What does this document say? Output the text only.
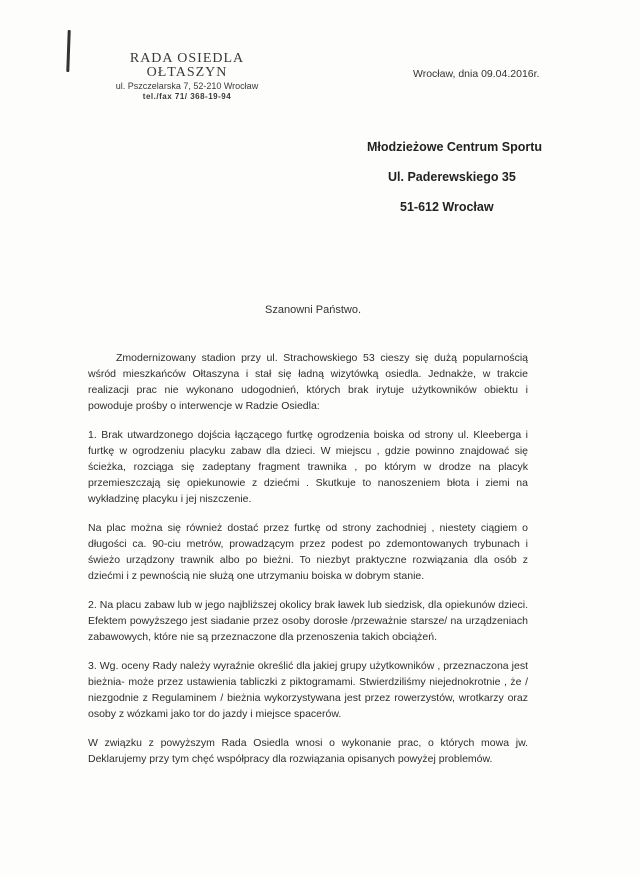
RADA OSIEDLA
OŁTASZYN
ul. Pszczelarska 7, 52-210 Wrocław
tel./fax 71/ 368-19-94
Wrocław, dnia 09.04.2016r.
Młodzieżowe Centrum Sportu
Ul. Paderewskiego 35
51-612 Wrocław
Szanowni Państwo.

Zmodernizowany stadion przy ul. Strachowskiego 53 cieszy się dużą popularnością wśród mieszkańców Ołtaszyna i stał się ładną wizytówką osiedla. Jednakże, w trakcie realizacji prac nie wykonano udogodnień, których brak irytuje użytkowników obiektu i powoduje prośby o interwencje w Radzie Osiedla:

1. Brak utwardzonego dojścia łączącego furtkę ogrodzenia boiska od strony ul. Kleeberga i furtkę w ogrodzeniu placyku zabaw dla dzieci. W miejscu , gdzie powinno znajdować się ścieżka, rozciąga się zadeptany fragment trawnika , po którym w drodze na placyk przemieszczają się opiekunowie z dziećmi . Skutkuje to nanoszeniem błota i ziemi na wykładzinę placyku i jej niszczenie.

Na plac można się również dostać przez furtkę od strony zachodniej , niestety ciągiem o długości ca. 90-ciu metrów, prowadzącym przez podest po zdemontowanych trybunach i świeżo urządzony trawnik albo po bieżni. To niezbyt praktyczne rozwiązania dla osób z dziećmi i z pewnością nie służą one utrzymaniu boiska w dobrym stanie.

2. Na placu zabaw lub w jego najbliższej okolicy brak ławek lub siedzisk, dla opiekunów dzieci. Efektem powyższego jest siadanie przez osoby dorosłe /przeważnie starsze/ na urządzeniach zabawowych, które nie są przeznaczone dla przenoszenia takich obciążeń.

3. Wg. oceny Rady należy wyraźnie określić dla jakiej grupy użytkowników , przeznaczona jest bieżnia- może przez ustawienia tabliczki z piktogramami. Stwierdziliśmy niejednokrotnie , że / niezgodnie z Regulaminem / bieżnia wykorzystywana jest przez rowerzystów, wrotkarzy oraz osoby z wózkami jako tor do jazdy i miejsce spacerów.

W związku z powyższym Rada Osiedla wnosi o wykonanie prac, o których mowa jw. Deklarujemy przy tym chęć współpracy dla rozwiązania opisanych powyżej problemów.
